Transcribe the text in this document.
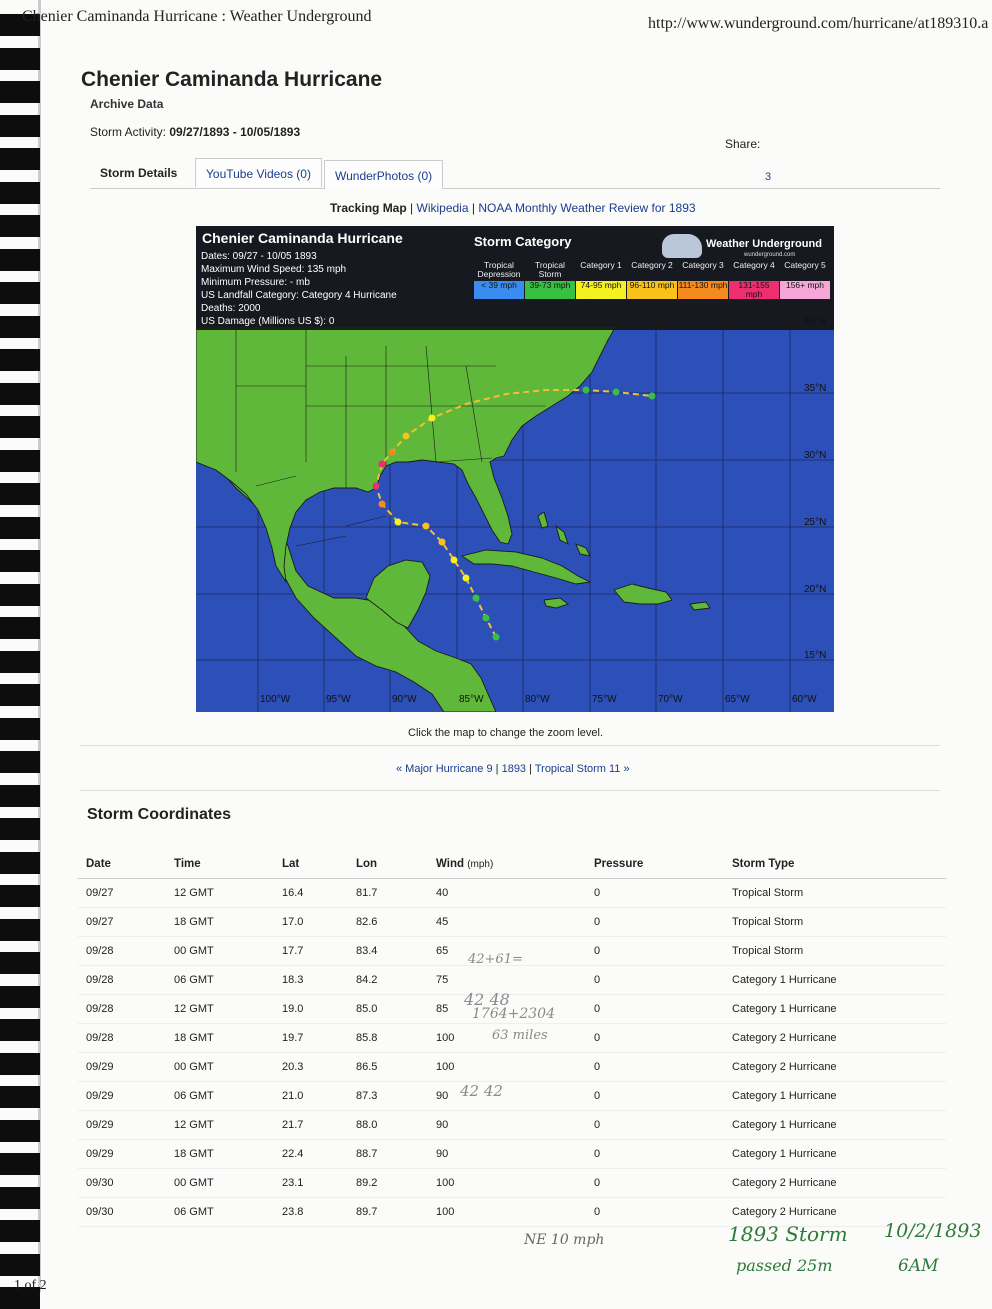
Chenier Caminanda Hurricane : Weather Underground	http://www.wunderground.com/hurricane/at189310.a
Chenier Caminanda Hurricane
Archive Data
Storm Activity: 09/27/1893 - 10/05/1893
Share:
3
Storm Details	YouTube Videos (0)	WunderPhotos (0)
Tracking Map | Wikipedia | NOAA Monthly Weather Review for 1893
Chenier Caminanda Hurricane
Dates: 09/27 - 10/05 1893
Maximum Wind Speed: 135 mph
Minimum Pressure: - mb
US Landfall Category: Category 4 Hurricane
Deaths: 2000
US Damage (Millions US $): 0
Storm Category	Weather Underground
wunderground.com
Tropical Depression
< 39 mph
Tropical Storm
39-73 mph
Category 1
74-95 mph
Category 2
96-110 mph
Category 3
111-130 mph
Category 4
131-155 mph
Category 5
156+ mph
40°N
35°N
30°N
25°N
20°N
15°N
100°W	95°W	90°W	85°W	80°W	75°W	70°W	65°W	60°W
Click the map to change the zoom level.
« Major Hurricane 9 | 1893 | Tropical Storm 11 »
Storm Coordinates
Date	Time	Lat	Lon	Wind (mph)	Pressure	Storm Type
09/27	12 GMT	16.4	81.7	40	0	Tropical Storm
09/27	18 GMT	17.0	82.6	45	0	Tropical Storm
09/28	00 GMT	17.7	83.4	65	0	Tropical Storm
09/28	06 GMT	18.3	84.2	75	0	Category 1 Hurricane
09/28	12 GMT	19.0	85.0	85	0	Category 1 Hurricane
09/28	18 GMT	19.7	85.8	100	0	Category 2 Hurricane
09/29	00 GMT	20.3	86.5	100	0	Category 2 Hurricane
09/29	06 GMT	21.0	87.3	90	0	Category 1 Hurricane
09/29	12 GMT	21.7	88.0	90	0	Category 1 Hurricane
09/29	18 GMT	22.4	88.7	90	0	Category 1 Hurricane
09/30	00 GMT	23.1	89.2	100	0	Category 2 Hurricane
09/30	06 GMT	23.8	89.7	100	0	Category 2 Hurricane
42+61=
42 48
1764+2304
63 miles
42 42
NE 10 mph	1893 Storm 10/2/1893
passed 25m	6AM
1 of 2
